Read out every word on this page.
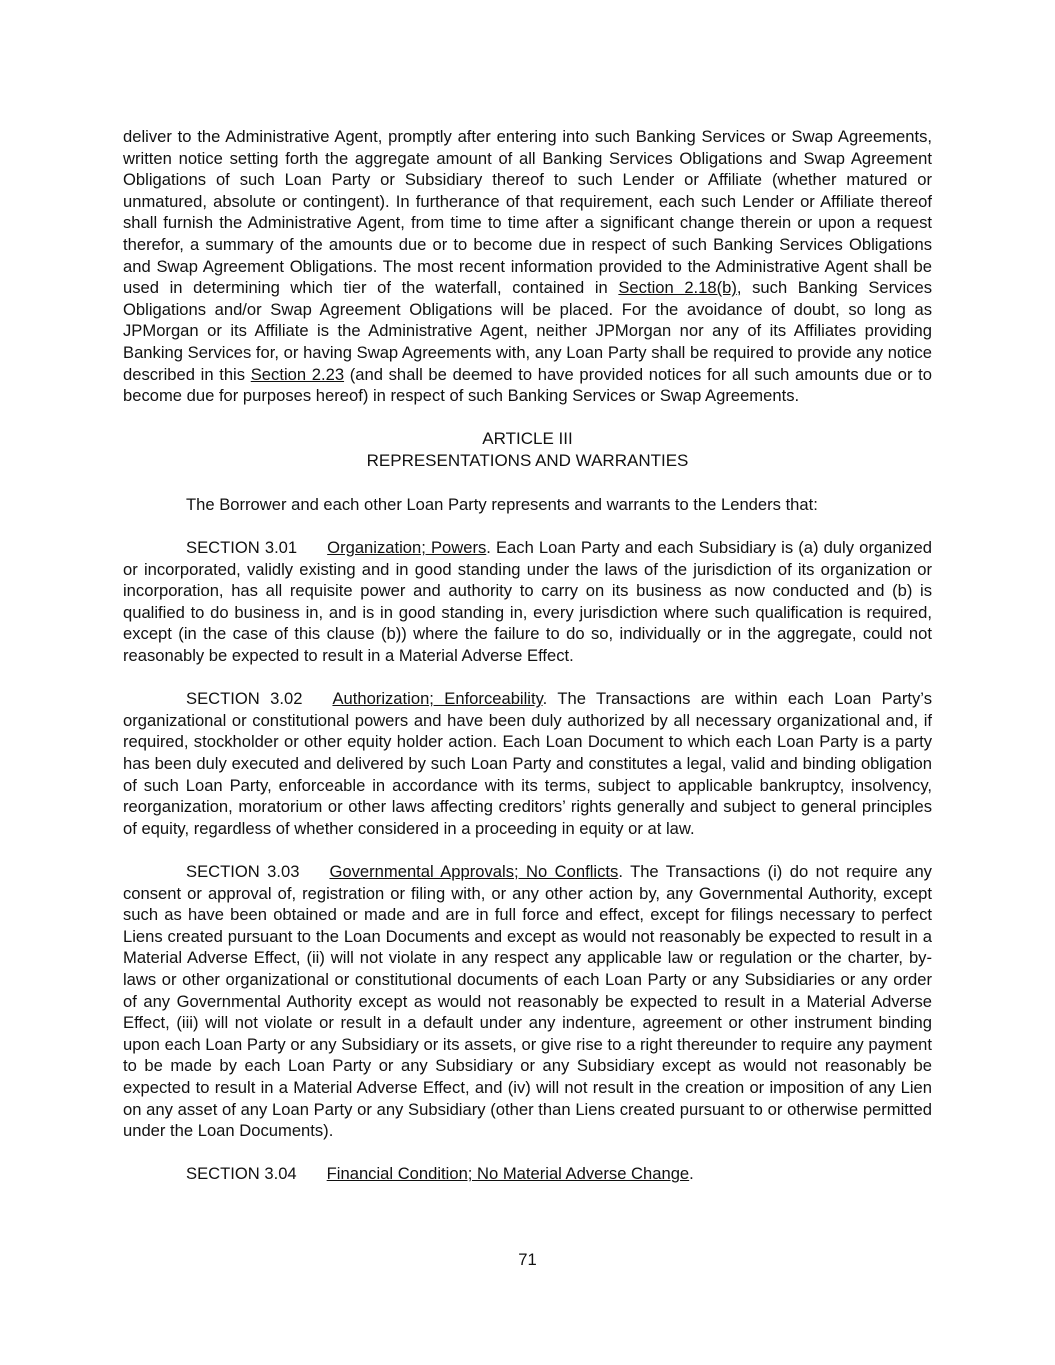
deliver to the Administrative Agent, promptly after entering into such Banking Services or Swap Agreements, written notice setting forth the aggregate amount of all Banking Services Obligations and Swap Agreement Obligations of such Loan Party or Subsidiary thereof to such Lender or Affiliate (whether matured or unmatured, absolute or contingent). In furtherance of that requirement, each such Lender or Affiliate thereof shall furnish the Administrative Agent, from time to time after a significant change therein or upon a request therefor, a summary of the amounts due or to become due in respect of such Banking Services Obligations and Swap Agreement Obligations. The most recent information provided to the Administrative Agent shall be used in determining which tier of the waterfall, contained in Section 2.18(b), such Banking Services Obligations and/or Swap Agreement Obligations will be placed. For the avoidance of doubt, so long as JPMorgan or its Affiliate is the Administrative Agent, neither JPMorgan nor any of its Affiliates providing Banking Services for, or having Swap Agreements with, any Loan Party shall be required to provide any notice described in this Section 2.23 (and shall be deemed to have provided notices for all such amounts due or to become due for purposes hereof) in respect of such Banking Services or Swap Agreements.

ARTICLE III
REPRESENTATIONS AND WARRANTIES

The Borrower and each other Loan Party represents and warrants to the Lenders that:

SECTION 3.01 Organization; Powers. Each Loan Party and each Subsidiary is (a) duly organized or incorporated, validly existing and in good standing under the laws of the jurisdiction of its organization or incorporation, has all requisite power and authority to carry on its business as now conducted and (b) is qualified to do business in, and is in good standing in, every jurisdiction where such qualification is required, except (in the case of this clause (b)) where the failure to do so, individually or in the aggregate, could not reasonably be expected to result in a Material Adverse Effect.

SECTION 3.02 Authorization; Enforceability. The Transactions are within each Loan Party’s organizational or constitutional powers and have been duly authorized by all necessary organizational and, if required, stockholder or other equity holder action. Each Loan Document to which each Loan Party is a party has been duly executed and delivered by such Loan Party and constitutes a legal, valid and binding obligation of such Loan Party, enforceable in accordance with its terms, subject to applicable bankruptcy, insolvency, reorganization, moratorium or other laws affecting creditors’ rights generally and subject to general principles of equity, regardless of whether considered in a proceeding in equity or at law.

SECTION 3.03 Governmental Approvals; No Conflicts. The Transactions (i) do not require any consent or approval of, registration or filing with, or any other action by, any Governmental Authority, except such as have been obtained or made and are in full force and effect, except for filings necessary to perfect Liens created pursuant to the Loan Documents and except as would not reasonably be expected to result in a Material Adverse Effect, (ii) will not violate in any respect any applicable law or regulation or the charter, by-laws or other organizational or constitutional documents of each Loan Party or any Subsidiaries or any order of any Governmental Authority except as would not reasonably be expected to result in a Material Adverse Effect, (iii) will not violate or result in a default under any indenture, agreement or other instrument binding upon each Loan Party or any Subsidiary or its assets, or give rise to a right thereunder to require any payment to be made by each Loan Party or any Subsidiary or any Subsidiary except as would not reasonably be expected to result in a Material Adverse Effect, and (iv) will not result in the creation or imposition of any Lien on any asset of any Loan Party or any Subsidiary (other than Liens created pursuant to or otherwise permitted under the Loan Documents).

SECTION 3.04 Financial Condition; No Material Adverse Change.

71
